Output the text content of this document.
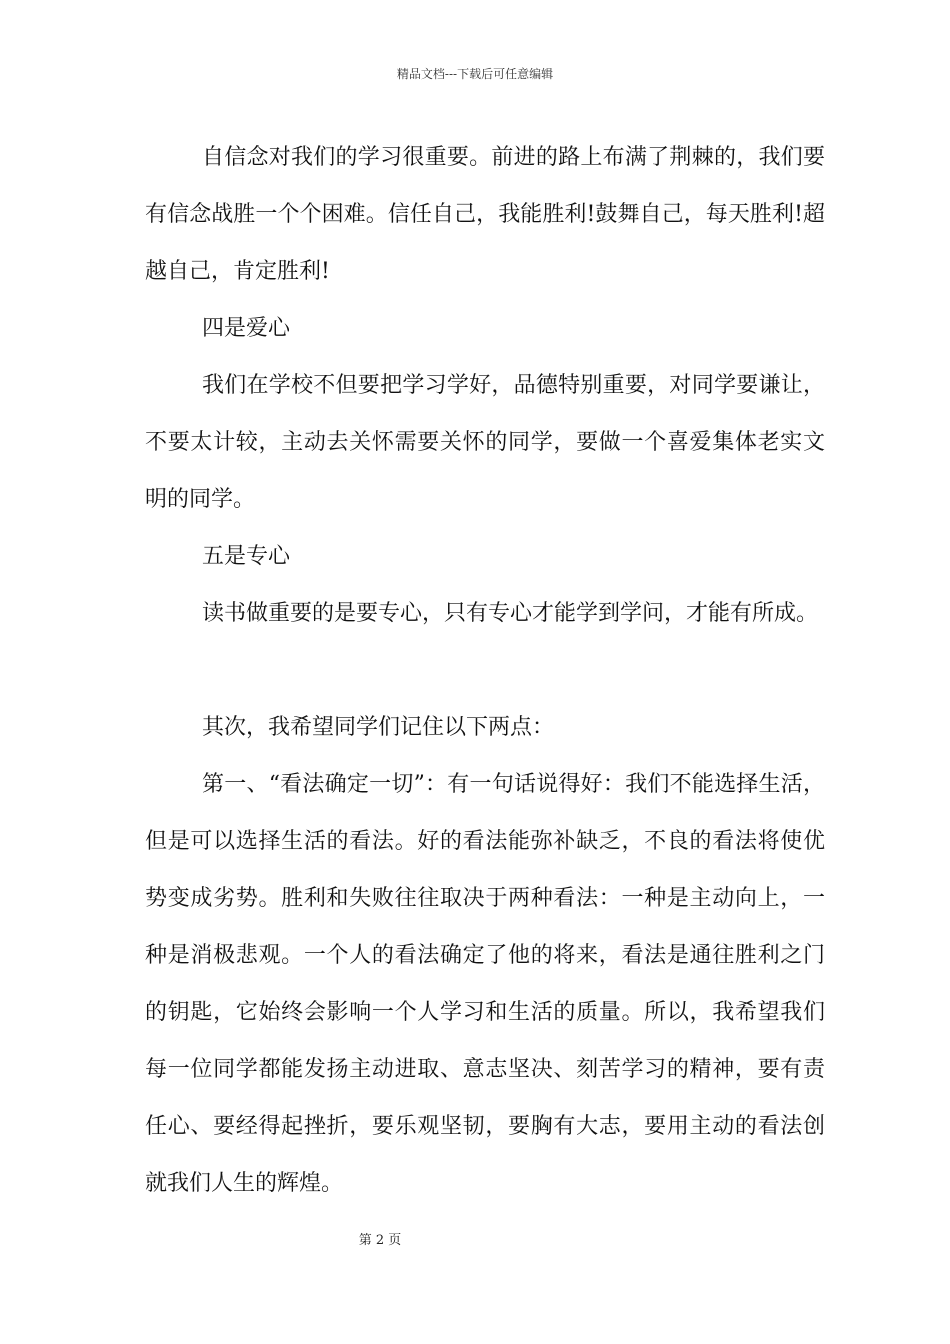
精品文档---下载后可任意编辑

自信念对我们的学习很重要。前进的路上布满了荆棘的，我们要有信念战胜一个个困难。信任自己，我能胜利!鼓舞自己，每天胜利!超越自己，肯定胜利!

四是爱心

我们在学校不但要把学习学好，品德特别重要，对同学要谦让，不要太计较，主动去关怀需要关怀的同学，要做一个喜爱集体老实文明的同学。

五是专心

读书做重要的是要专心，只有专心才能学到学问，才能有所成。

其次，我希望同学们记住以下两点：

第一、“看法确定一切”：有一句话说得好：我们不能选择生活，但是可以选择生活的看法。好的看法能弥补缺乏，不良的看法将使优势变成劣势。胜利和失败往往取决于两种看法：一种是主动向上，一种是消极悲观。一个人的看法确定了他的将来，看法是通往胜利之门的钥匙，它始终会影响一个人学习和生活的质量。所以，我希望我们每一位同学都能发扬主动进取、意志坚决、刻苦学习的精神，要有责任心、要经得起挫折，要乐观坚韧，要胸有大志，要用主动的看法创就我们人生的辉煌。

第 2 页
